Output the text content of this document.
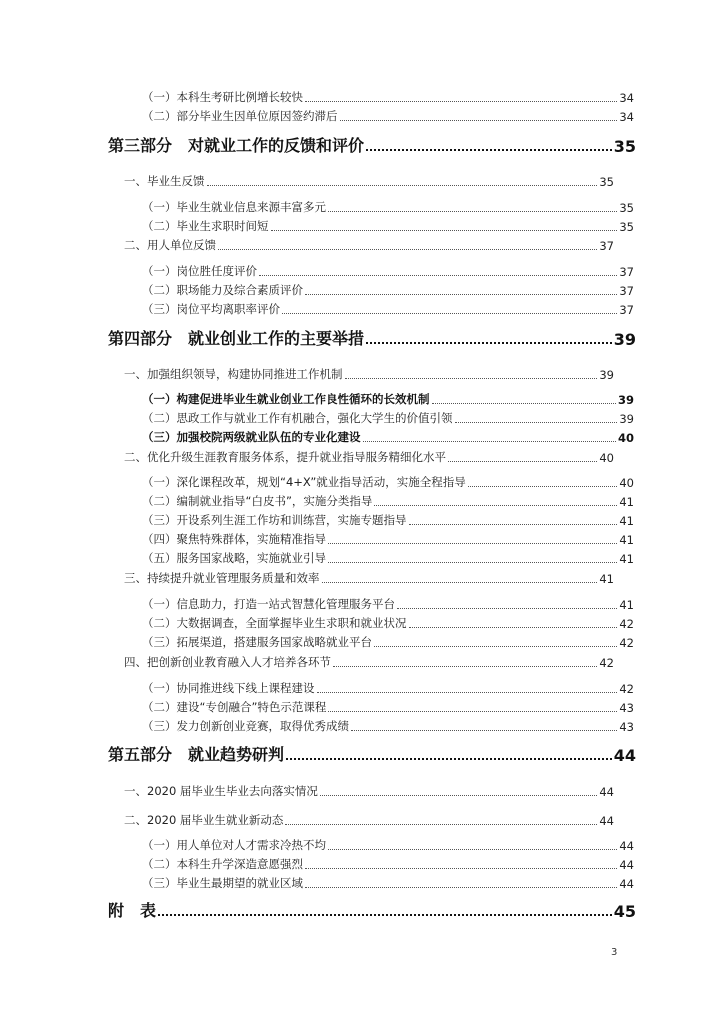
（一）本科生考研比例增长较快	34
（二）部分毕业生因单位原因签约滞后	34
第三部分　对就业工作的反馈和评价	35
一、毕业生反馈	35
（一）毕业生就业信息来源丰富多元	35
（二）毕业生求职时间短	35
二、用人单位反馈	37
（一）岗位胜任度评价	37
（二）职场能力及综合素质评价	37
（三）岗位平均离职率评价	37
第四部分　就业创业工作的主要举措	39
一、加强组织领导，构建协同推进工作机制	39
（一）构建促进毕业生就业创业工作良性循环的长效机制	39
（二）思政工作与就业工作有机融合，强化大学生的价值引领	39
（三）加强校院两级就业队伍的专业化建设	40
二、优化升级生涯教育服务体系，提升就业指导服务精细化水平	40
（一）深化课程改革，规划“4+X”就业指导活动，实施全程指导	40
（二）编制就业指导“白皮书”，实施分类指导	41
（三）开设系列生涯工作坊和训练营，实施专题指导	41
（四）聚焦特殊群体，实施精准指导	41
（五）服务国家战略，实施就业引导	41
三、持续提升就业管理服务质量和效率	41
（一）信息助力，打造一站式智慧化管理服务平台	41
（二）大数据调查，全面掌握毕业生求职和就业状况	42
（三）拓展渠道，搭建服务国家战略就业平台	42
四、把创新创业教育融入人才培养各环节	42
（一）协同推进线下线上课程建设	42
（二）建设“专创融合”特色示范课程	43
（三）发力创新创业竞赛，取得优秀成绩	43
第五部分　就业趋势研判	44
一、2020 届毕业生毕业去向落实情况	44
二、2020 届毕业生就业新动态	44
（一）用人单位对人才需求冷热不均	44
（二）本科生升学深造意愿强烈	44
（三）毕业生最期望的就业区域	44
附　表	45
3
